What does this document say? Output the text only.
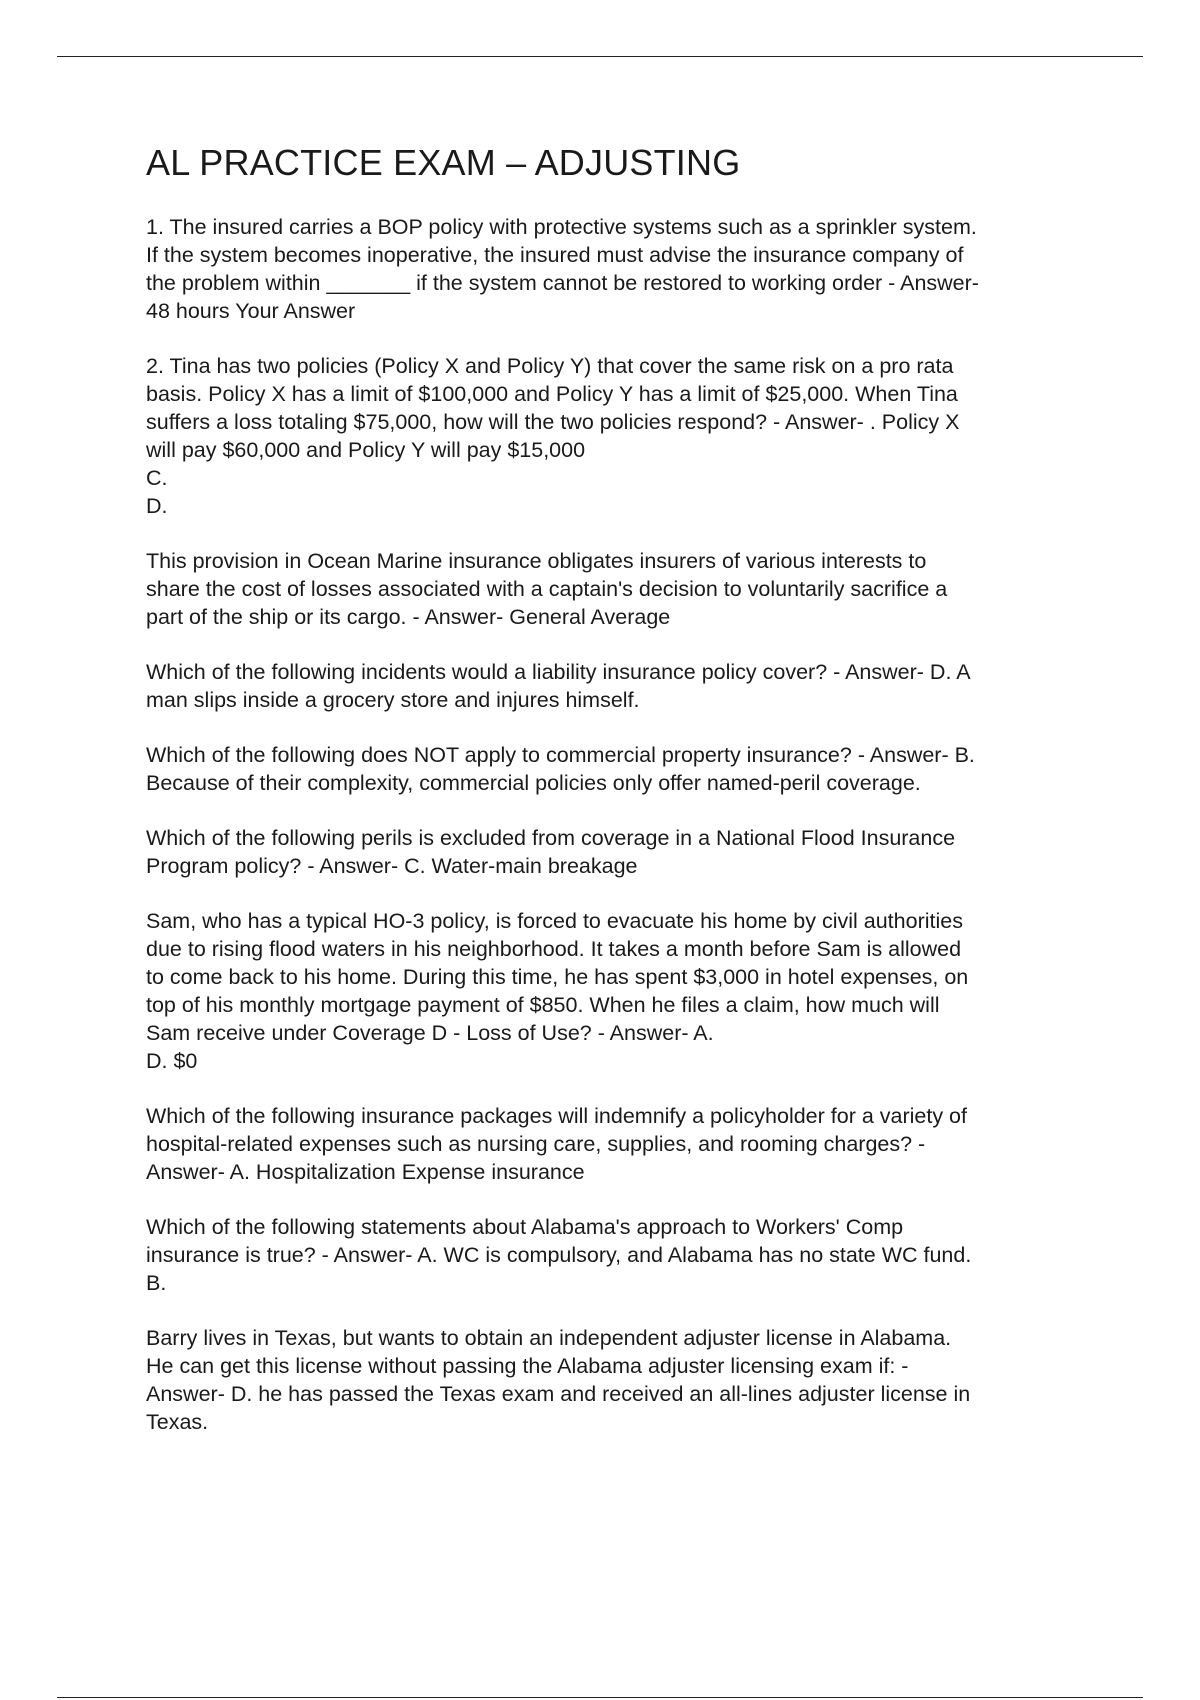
AL PRACTICE EXAM – ADJUSTING
1. The insured carries a BOP policy with protective systems such as a sprinkler system.
If the system becomes inoperative, the insured must advise the insurance company of
the problem within _______ if the system cannot be restored to working order - Answer-
48 hours Your Answer
2. Tina has two policies (Policy X and Policy Y) that cover the same risk on a pro rata
basis. Policy X has a limit of $100,000 and Policy Y has a limit of $25,000. When Tina
suffers a loss totaling $75,000, how will the two policies respond? - Answer- . Policy X
will pay $60,000 and Policy Y will pay $15,000
C.
D.
This provision in Ocean Marine insurance obligates insurers of various interests to
share the cost of losses associated with a captain's decision to voluntarily sacrifice a
part of the ship or its cargo. - Answer- General Average
Which of the following incidents would a liability insurance policy cover? - Answer- D. A
man slips inside a grocery store and injures himself.
Which of the following does NOT apply to commercial property insurance? - Answer- B.
Because of their complexity, commercial policies only offer named-peril coverage.
Which of the following perils is excluded from coverage in a National Flood Insurance
Program policy? - Answer- C. Water-main breakage
Sam, who has a typical HO-3 policy, is forced to evacuate his home by civil authorities
due to rising flood waters in his neighborhood. It takes a month before Sam is allowed
to come back to his home. During this time, he has spent $3,000 in hotel expenses, on
top of his monthly mortgage payment of $850. When he files a claim, how much will
Sam receive under Coverage D - Loss of Use? - Answer- A.
D. $0
Which of the following insurance packages will indemnify a policyholder for a variety of
hospital-related expenses such as nursing care, supplies, and rooming charges? -
Answer- A. Hospitalization Expense insurance
Which of the following statements about Alabama's approach to Workers' Comp
insurance is true? - Answer- A. WC is compulsory, and Alabama has no state WC fund.
B.
Barry lives in Texas, but wants to obtain an independent adjuster license in Alabama.
He can get this license without passing the Alabama adjuster licensing exam if: -
Answer- D. he has passed the Texas exam and received an all-lines adjuster license in
Texas.
